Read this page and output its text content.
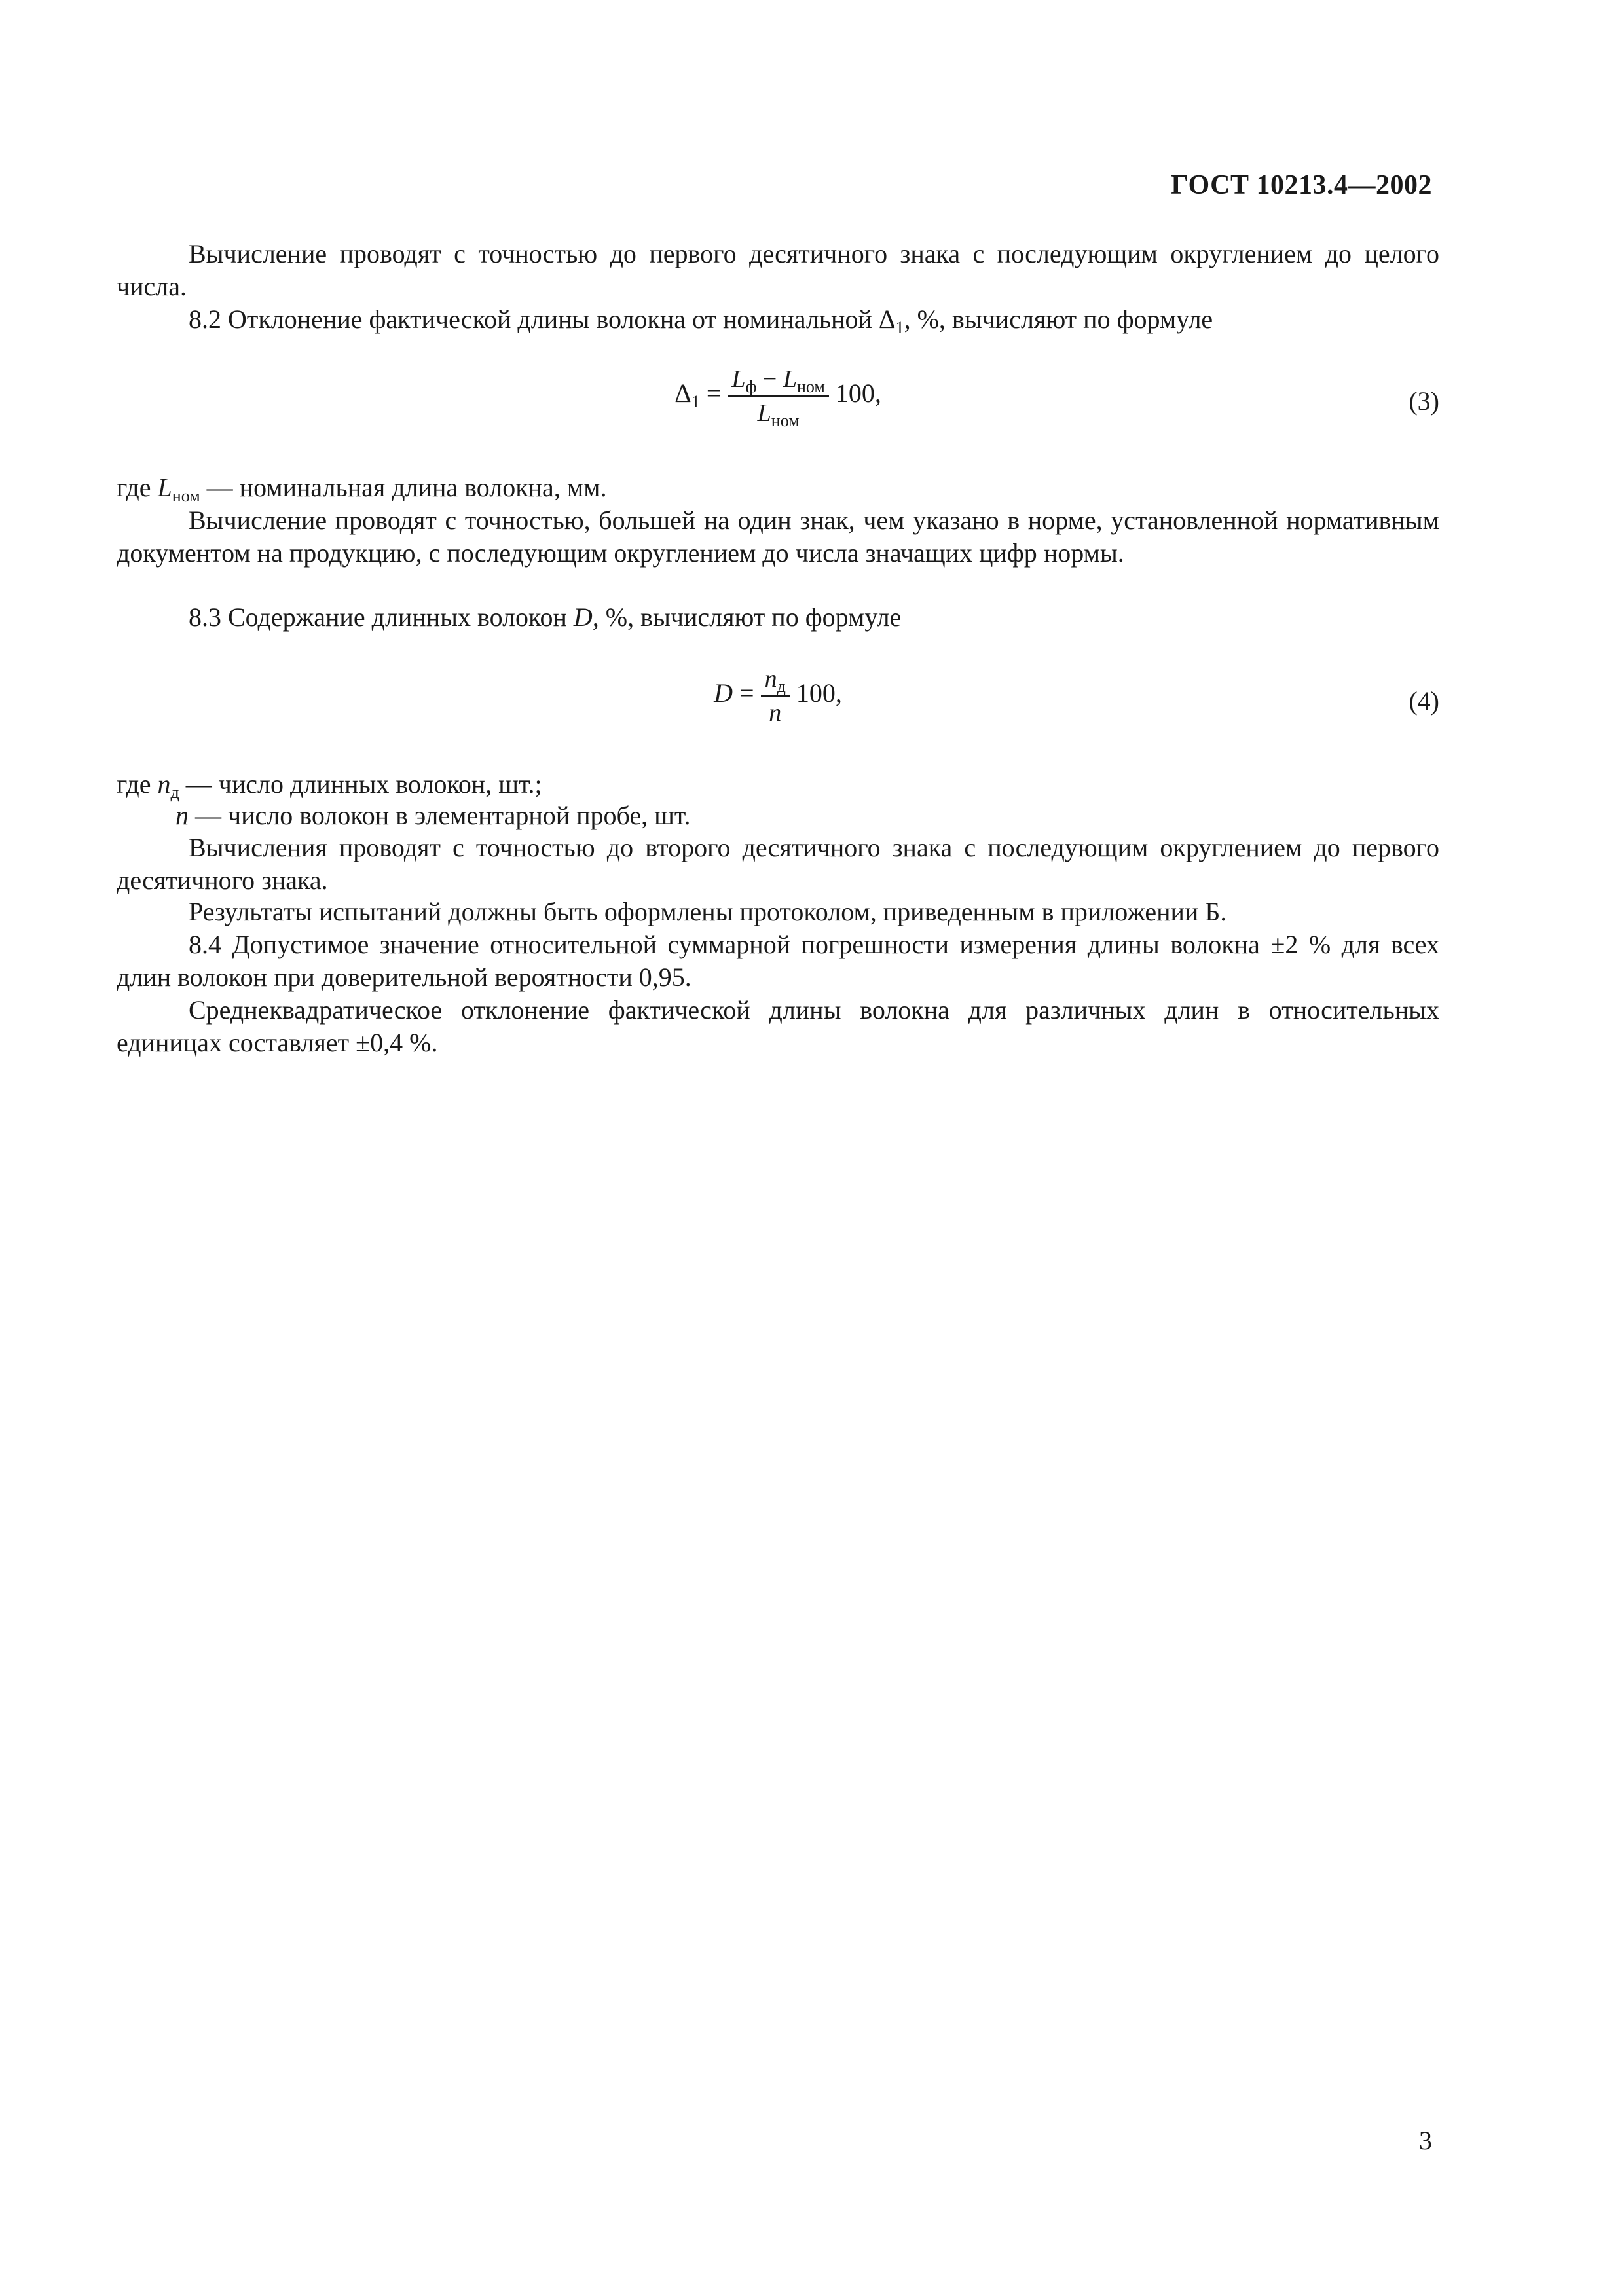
ГОСТ 10213.4—2002
Вычисление проводят с точностью до первого десятичного знака с последующим округлением до целого числа.
8.2 Отклонение фактической длины волокна от номинальной $\Delta_1$, %, вычисляют по формуле
$\Delta_1 = \frac{L_ф - L_{ном}}{L_{ном}} 100$,	(3)
где $L_{ном}$ — номинальная длина волокна, мм.
Вычисление проводят с точностью, большей на один знак, чем указано в норме, установленной нормативным документом на продукцию, с последующим округлением до числа значащих цифр нормы.
8.3 Содержание длинных волокон D, %, вычисляют по формуле
$D = \frac{n_д}{n} 100$,	(4)
где $n_д$ — число длинных волокон, шт.;
n — число волокон в элементарной пробе, шт.
Вычисления проводят с точностью до второго десятичного знака с последующим округлением до первого десятичного знака.
Результаты испытаний должны быть оформлены протоколом, приведенным в приложении Б.
8.4 Допустимое значение относительной суммарной погрешности измерения длины волокна ±2 % для всех длин волокон при доверительной вероятности 0,95.
Среднеквадратическое отклонение фактической длины волокна для различных длин в относительных единицах составляет ±0,4 %.
3
